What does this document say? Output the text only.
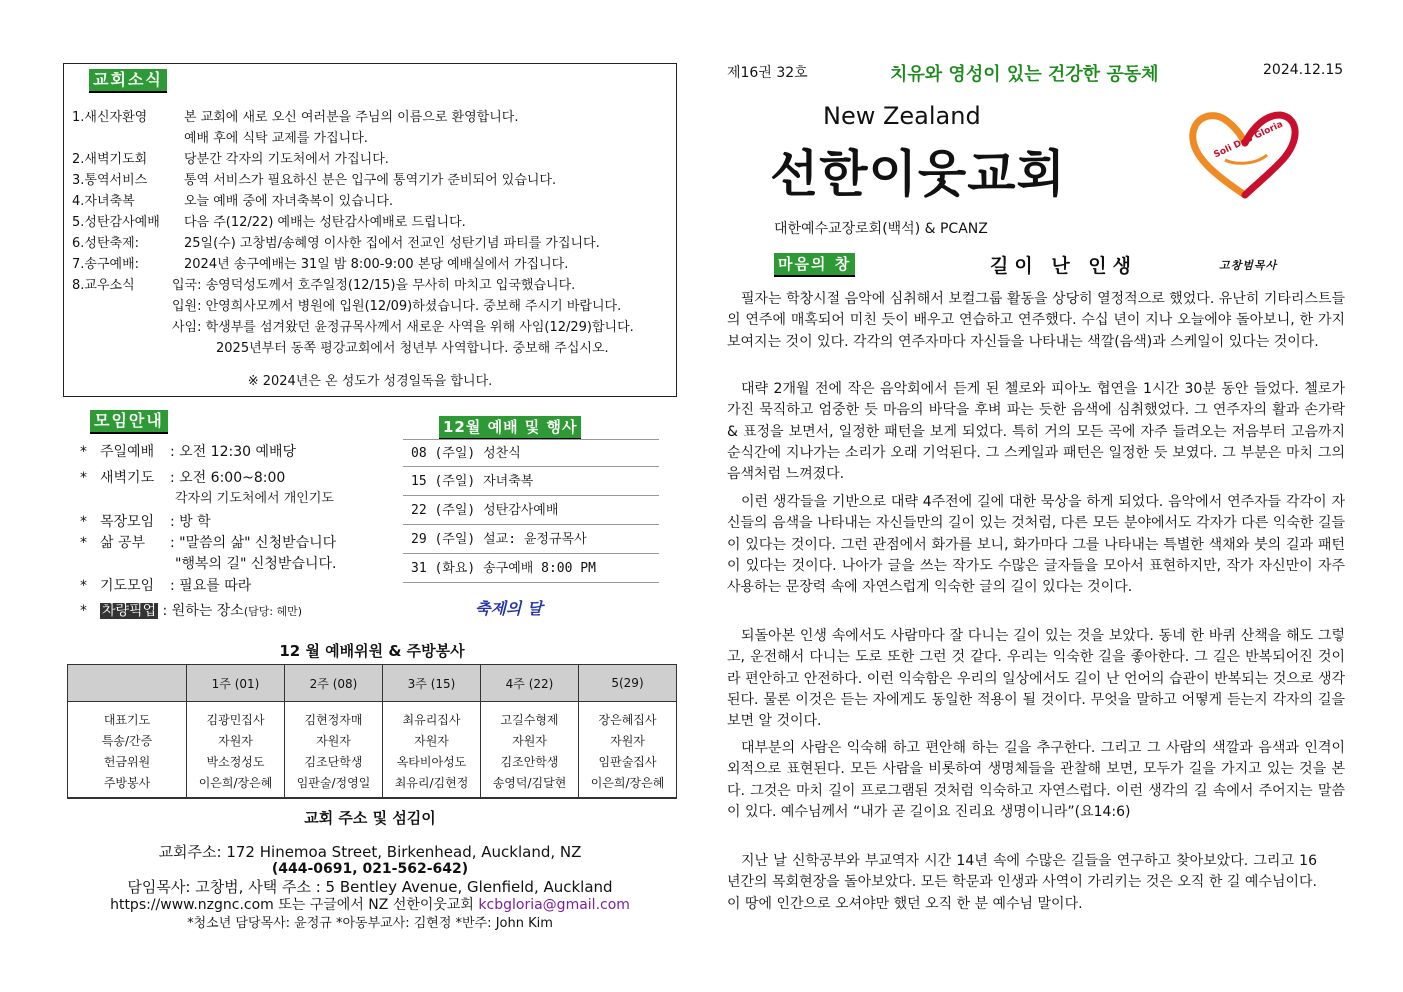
교회소식
1.새신자환영	본 교회에 새로 오신 여러분을 주님의 이름으로 환영합니다.
예배 후에 식탁 교제를 가집니다.
2.새벽기도회	당분간 각자의 기도처에서 가집니다.
3.통역서비스	통역 서비스가 필요하신 분은 입구에 통역기가 준비되어 있습니다.
4.자녀축복	오늘 예배 중에 자녀축복이 있습니다.
5.성탄감사예배 다음 주(12/22) 예배는 성탄감사예배로 드립니다.
6.성탄축제:	25일(수) 고창범/송혜영 이사한 집에서 전교인 성탄기념 파티를 가집니다.
7.송구예배:	2024년 송구예배는 31일 밤 8:00-9:00 본당 예배실에서 가집니다.
8.교우소식	입국: 송영덕성도께서 호주일정(12/15)을 무사히 마치고 입국했습니다.
입원: 안영희사모께서 병원에 입원(12/09)하셨습니다. 중보해 주시기 바랍니다.
사임: 학생부를 섬겨왔던 윤정규목사께서 새로운 사역을 위해 사임(12/29)합니다.
2025년부터 동쪽 평강교회에서 청년부 사역합니다. 중보해 주십시오.
※ 2024년은 온 성도가 성경일독을 합니다.
모임안내
* 주일예배 : 오전 12:30 예배당
* 새벽기도 : 오전 6:00~8:00
각자의 기도처에서 개인기도
* 목장모임 : 방 학
* 삶 공부 : "말씀의 삶" 신청받습니다
"행복의 길" 신청받습니다.
* 기도모임 : 필요를 따라
* 차량픽업 : 원하는 장소(담당: 헤만)
12월 예배 및 행사
08 (주일) 성찬식
15 (주일) 자녀축복
22 (주일) 성탄감사예배
29 (주일) 설교: 윤정규목사
31 (화요) 송구예배 8:00 PM
축제의 달
12 월 예배위원 & 주방봉사
	1주 (01)	2주 (08)	3주 (15)	4주 (22)	5(29)
대표기도	김광민집사	김현정자매	최유리집사	고길수형제	장은혜집사
특송/간증	자원자	자원자	자원자	자원자	자원자
헌금위원	박소정성도	김조단학생	옥타비아성도	김조안학생	임판술집사
주방봉사	이은희/장은혜	임판술/정영일	최유리/김현정	송영덕/김달현	이은희/장은혜
교회 주소 및 섬김이
교회주소: 172 Hinemoa Street, Birkenhead, Auckland, NZ
(444-0691, 021-562-642)
담임목사: 고창범, 사택 주소 : 5 Bentley Avenue, Glenfield, Auckland
https://www.nzgnc.com 또는 구글에서 NZ 선한이웃교회 kcbgloria@gmail.com
*청소년 담당목사: 윤정규 *아동부교사: 김현정 *반주: John Kim
제16권 32호	치유와 영성이 있는 건강한 공동체	2024.12.15
New Zealand
선한이웃교회
대한예수교장로회(백석) & PCANZ
Soli Deo Gloria
마음의 창	길이 난 인생	고창범목사

필자는 학창시절 음악에 심취해서 보컬그룹 활동을 상당히 열정적으로 했었다. 유난히 기타리스트들의 연주에 매혹되어 미친 듯이 배우고 연습하고 연주했다. 수십 년이 지나 오늘에야 돌아보니, 한 가지 보여지는 것이 있다. 각각의 연주자마다 자신들을 나타내는 색깔(음색)과 스케일이 있다는 것이다.

대략 2개월 전에 작은 음악회에서 듣게 된 첼로와 피아노 협연을 1시간 30분 동안 들었다. 첼로가 가진 묵직하고 엄중한 듯 마음의 바닥을 후벼 파는 듯한 음색에 심취했었다. 그 연주자의 활과 손가락 & 표정을 보면서, 일정한 패턴을 보게 되었다. 특히 거의 모든 곡에 자주 들려오는 저음부터 고음까지 순식간에 지나가는 소리가 오래 기억된다. 그 스케일과 패턴은 일정한 듯 보였다. 그 부분은 마치 그의 음색처럼 느껴졌다.

이런 생각들을 기반으로 대략 4주전에 길에 대한 묵상을 하게 되었다. 음악에서 연주자들 각각이 자신들의 음색을 나타내는 자신들만의 길이 있는 것처럼, 다른 모든 분야에서도 각자가 다른 익숙한 길들이 있다는 것이다. 그런 관점에서 화가를 보니, 화가마다 그를 나타내는 특별한 색채와 붓의 길과 패턴이 있다는 것이다. 나아가 글을 쓰는 작가도 수많은 글자들을 모아서 표현하지만, 작가 자신만이 자주 사용하는 문장력 속에 자연스럽게 익숙한 글의 길이 있다는 것이다.

되돌아본 인생 속에서도 사람마다 잘 다니는 길이 있는 것을 보았다. 동네 한 바퀴 산책을 해도 그렇고, 운전해서 다니는 도로 또한 그런 것 같다. 우리는 익숙한 길을 좋아한다. 그 길은 반복되어진 것이라 편안하고 안전하다. 이런 익숙함은 우리의 일상에서도 길이 난 언어의 습관이 반복되는 것으로 생각된다. 물론 이것은 듣는 자에게도 동일한 적용이 될 것이다. 무엇을 말하고 어떻게 듣는지 각자의 길을 보면 알 것이다.

대부분의 사람은 익숙해 하고 편안해 하는 길을 추구한다. 그리고 그 사람의 색깔과 음색과 인격이 외적으로 표현된다. 모든 사람을 비롯하여 생명체들을 관찰해 보면, 모두가 길을 가지고 있는 것을 본다. 그것은 마치 길이 프로그램된 것처럼 익숙하고 자연스럽다. 이런 생각의 길 속에서 주어지는 말씀이 있다. 예수님께서 “내가 곧 길이요 진리요 생명이니라”(요14:6)

지난 날 신학공부와 부교역자 시간 14년 속에 수많은 길들을 연구하고 찾아보았다. 그리고 16년간의 목회현장을 돌아보았다. 모든 학문과 인생과 사역이 가리키는 것은 오직 한 길 예수님이다. 이 땅에 인간으로 오셔야만 했던 오직 한 분 예수님 말이다.
